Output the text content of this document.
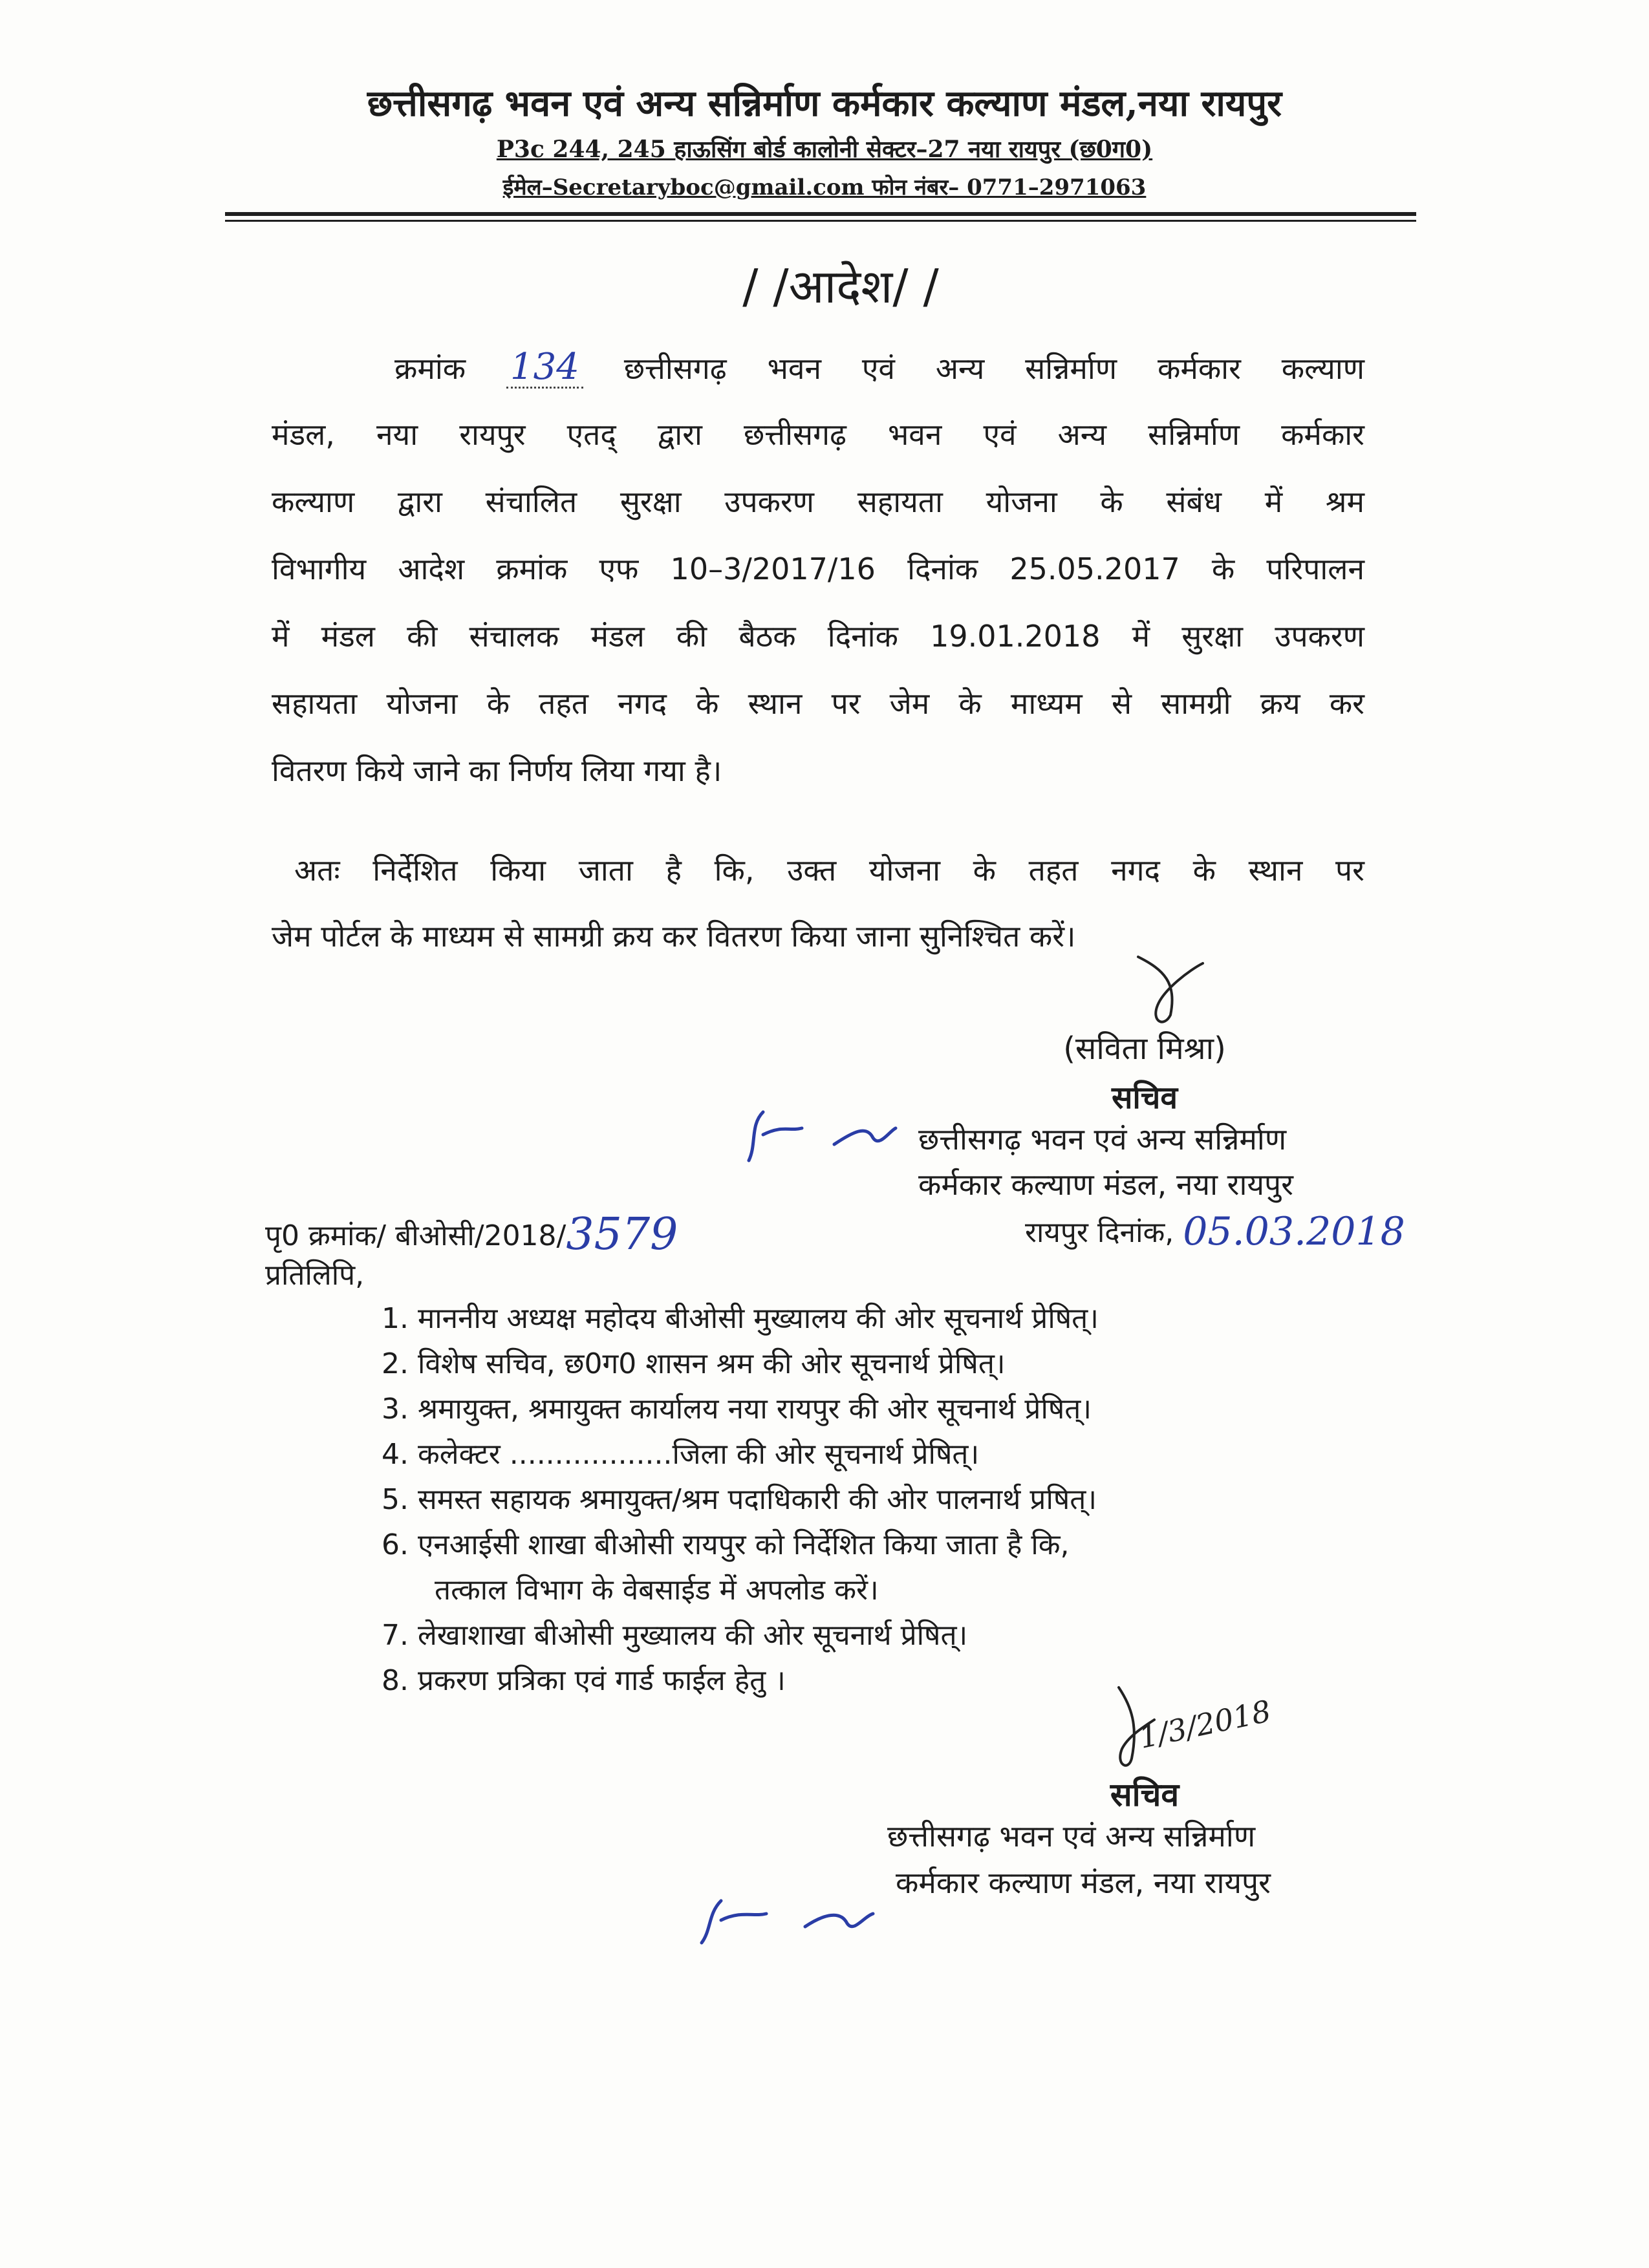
छत्तीसगढ़ भवन एवं अन्य सन्निर्माण कर्मकार कल्याण मंडल,नया रायपुर
P3c 244, 245 हाऊसिंग बोर्ड कालोनी सेक्टर–27 नया रायपुर (छ0ग0)
ईमेल–Secretaryboc@gmail.com फोन नंबर– 0771–2971063
/ /आदेश/ /
क्रमांक 134 छत्तीसगढ़ भवन एवं अन्य सन्निर्माण कर्मकार कल्याण
मंडल, नया रायपुर एतद् द्वारा छत्तीसगढ़ भवन एवं अन्य सन्निर्माण कर्मकार
कल्याण द्वारा संचालित सुरक्षा उपकरण सहायता योजना के संबंध में श्रम
विभागीय आदेश क्रमांक एफ 10–3/2017/16 दिनांक 25.05.2017 के परिपालन
में मंडल की संचालक मंडल की बैठक दिनांक 19.01.2018 में सुरक्षा उपकरण
सहायता योजना के तहत नगद के स्थान पर जेम के माध्यम से सामग्री क्रय कर
वितरण किये जाने का निर्णय लिया गया है।
अतः निर्देशित किया जाता है कि, उक्त योजना के तहत नगद के स्थान पर
जेम पोर्टल के माध्यम से सामग्री क्रय कर वितरण किया जाना सुनिश्चित करें।
(सविता मिश्रा)
सचिव
छत्तीसगढ़ भवन एवं अन्य सन्निर्माण
कर्मकार कल्याण मंडल, नया रायपुर
पृ0 क्रमांक/ बीओसी/2018/3579	रायपुर दिनांक, 05.03.2018
प्रतिलिपि,
1. माननीय अध्यक्ष महोदय बीओसी मुख्यालय की ओर सूचनार्थ प्रेषित्।
2. विशेष सचिव, छ0ग0 शासन श्रम की ओर सूचनार्थ प्रेषित्।
3. श्रमायुक्त, श्रमायुक्त कार्यालय नया रायपुर की ओर सूचनार्थ प्रेषित्।
4. कलेक्टर ..................जिला की ओर सूचनार्थ प्रेषित्।
5. समस्त सहायक श्रमायुक्त/श्रम पदाधिकारी की ओर पालनार्थ प्रषित्।
6. एनआईसी शाखा बीओसी रायपुर को निर्देशित किया जाता है कि,
तत्काल विभाग के वेबसाईड में अपलोड करें।
7. लेखाशाखा बीओसी मुख्यालय की ओर सूचनार्थ प्रेषित्।
8. प्रकरण प्रत्रिका एवं गार्ड फाईल हेतु ।
1/3/2018
सचिव
छत्तीसगढ़ भवन एवं अन्य सन्निर्माण
कर्मकार कल्याण मंडल, नया रायपुर
